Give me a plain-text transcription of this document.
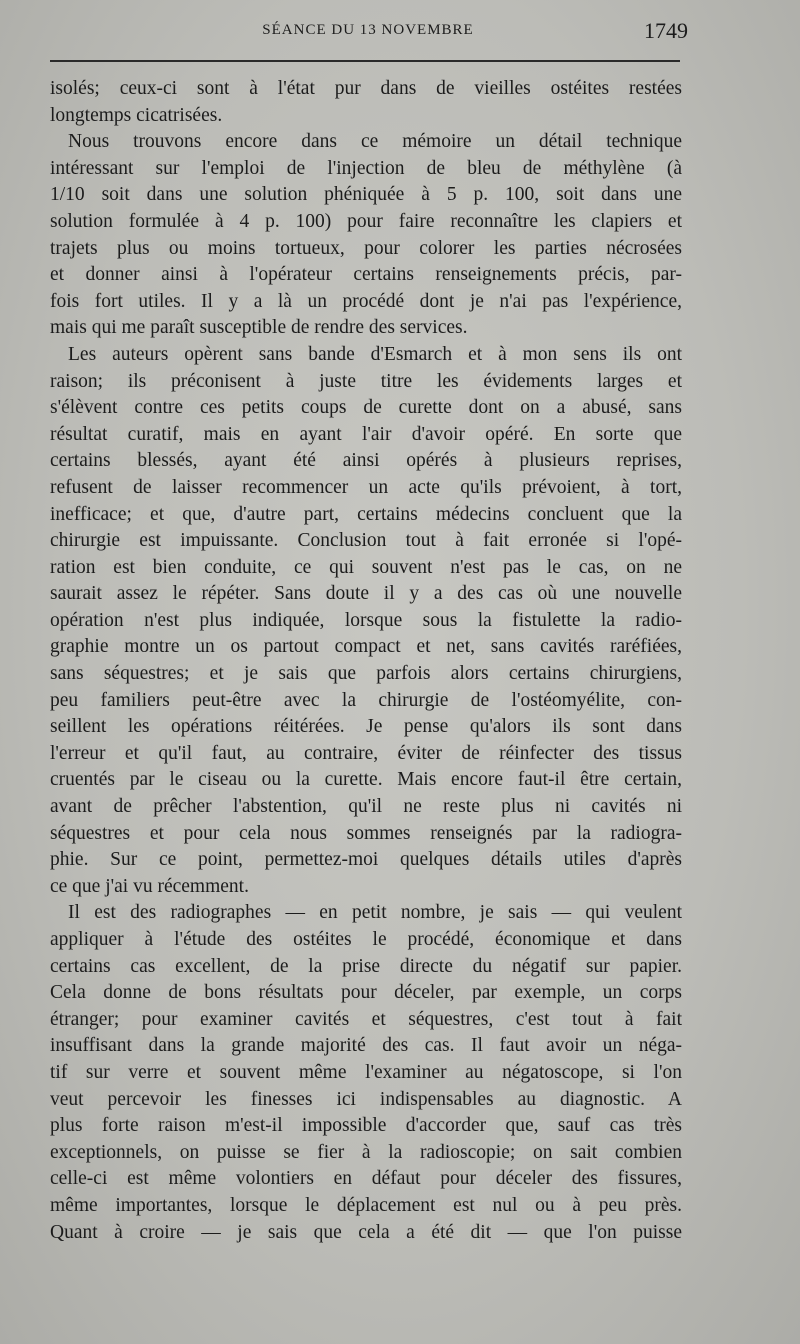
SÉANCE DU 13 NOVEMBRE	1749
isolés; ceux-ci sont à l'état pur dans de vieilles ostéites restées
longtemps cicatrisées.
Nous trouvons encore dans ce mémoire un détail technique
intéressant sur l'emploi de l'injection de bleu de méthylène (à
1/10 soit dans une solution phéniquée à 5 p. 100, soit dans une
solution formulée à 4 p. 100) pour faire reconnaître les clapiers et
trajets plus ou moins tortueux, pour colorer les parties nécrosées
et donner ainsi à l'opérateur certains renseignements précis, par-
fois fort utiles. Il y a là un procédé dont je n'ai pas l'expérience,
mais qui me paraît susceptible de rendre des services.
Les auteurs opèrent sans bande d'Esmarch et à mon sens ils ont
raison; ils préconisent à juste titre les évidements larges et
s'élèvent contre ces petits coups de curette dont on a abusé, sans
résultat curatif, mais en ayant l'air d'avoir opéré. En sorte que
certains blessés, ayant été ainsi opérés à plusieurs reprises,
refusent de laisser recommencer un acte qu'ils prévoient, à tort,
inefficace; et que, d'autre part, certains médecins concluent que la
chirurgie est impuissante. Conclusion tout à fait erronée si l'opé-
ration est bien conduite, ce qui souvent n'est pas le cas, on ne
saurait assez le répéter. Sans doute il y a des cas où une nouvelle
opération n'est plus indiquée, lorsque sous la fistulette la radio-
graphie montre un os partout compact et net, sans cavités raréfiées,
sans séquestres; et je sais que parfois alors certains chirurgiens,
peu familiers peut-être avec la chirurgie de l'ostéomyélite, con-
seillent les opérations réitérées. Je pense qu'alors ils sont dans
l'erreur et qu'il faut, au contraire, éviter de réinfecter des tissus
cruentés par le ciseau ou la curette. Mais encore faut-il être certain,
avant de prêcher l'abstention, qu'il ne reste plus ni cavités ni
séquestres et pour cela nous sommes renseignés par la radiogra-
phie. Sur ce point, permettez-moi quelques détails utiles d'après
ce que j'ai vu récemment.
Il est des radiographes — en petit nombre, je sais — qui veulent
appliquer à l'étude des ostéites le procédé, économique et dans
certains cas excellent, de la prise directe du négatif sur papier.
Cela donne de bons résultats pour déceler, par exemple, un corps
étranger; pour examiner cavités et séquestres, c'est tout à fait
insuffisant dans la grande majorité des cas. Il faut avoir un néga-
tif sur verre et souvent même l'examiner au négatoscope, si l'on
veut percevoir les finesses ici indispensables au diagnostic. A
plus forte raison m'est-il impossible d'accorder que, sauf cas très
exceptionnels, on puisse se fier à la radioscopie; on sait combien
celle-ci est même volontiers en défaut pour déceler des fissures,
même importantes, lorsque le déplacement est nul ou à peu près.
Quant à croire — je sais que cela a été dit — que l'on puisse
